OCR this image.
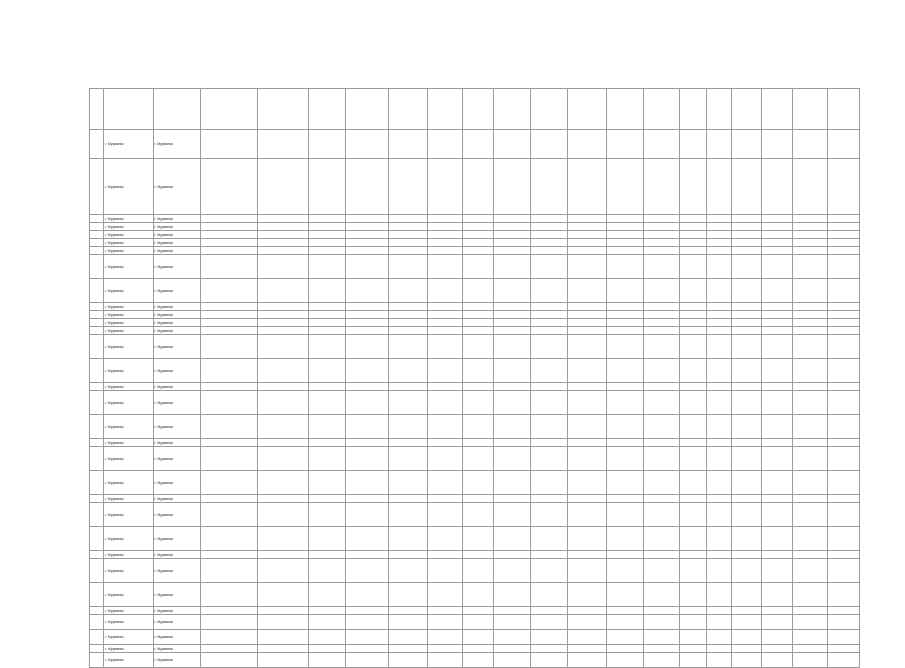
	г. Мурманск	г. Мурманск																		
	г. Мурманск	г. Мурманск																		
	г. Мурманск	г. Мурманск																		
	г. Мурманск	г. Мурманск																		
	г. Мурманск	г. Мурманск																		
	г. Мурманск	г. Мурманск																		
	г. Мурманск	г. Мурманск																		
	г. Мурманск	г. Мурманск																		
	г. Мурманск	г. Мурманск																		
	г. Мурманск	г. Мурманск																		
	г. Мурманск	г. Мурманск																		
	г. Мурманск	г. Мурманск																		
	г. Мурманск	г. Мурманск																		
	г. Мурманск	г. Мурманск																		
	г. Мурманск	г. Мурманск																		
	г. Мурманск	г. Мурманск																		
	г. Мурманск	г. Мурманск																		
	г. Мурманск	г. Мурманск																		
	г. Мурманск	г. Мурманск																		
	г. Мурманск	г. Мурманск																		
	г. Мурманск	г. Мурманск																		
	г. Мурманск	г. Мурманск																		
	г. Мурманск	г. Мурманск																		
	г. Мурманск	г. Мурманск																		
	г. Мурманск	г. Мурманск																		
	г. Мурманск	г. Мурманск																		
	г. Мурманск	г. Мурманск																		
	г. Мурманск	г. Мурманск																		
	г. Мурманск	г. Мурманск																		
	г. Мурманск	г. Мурманск																		
	г. Мурманск	г. Мурманск																		
	г. Мурманск	г. Мурманск																		
